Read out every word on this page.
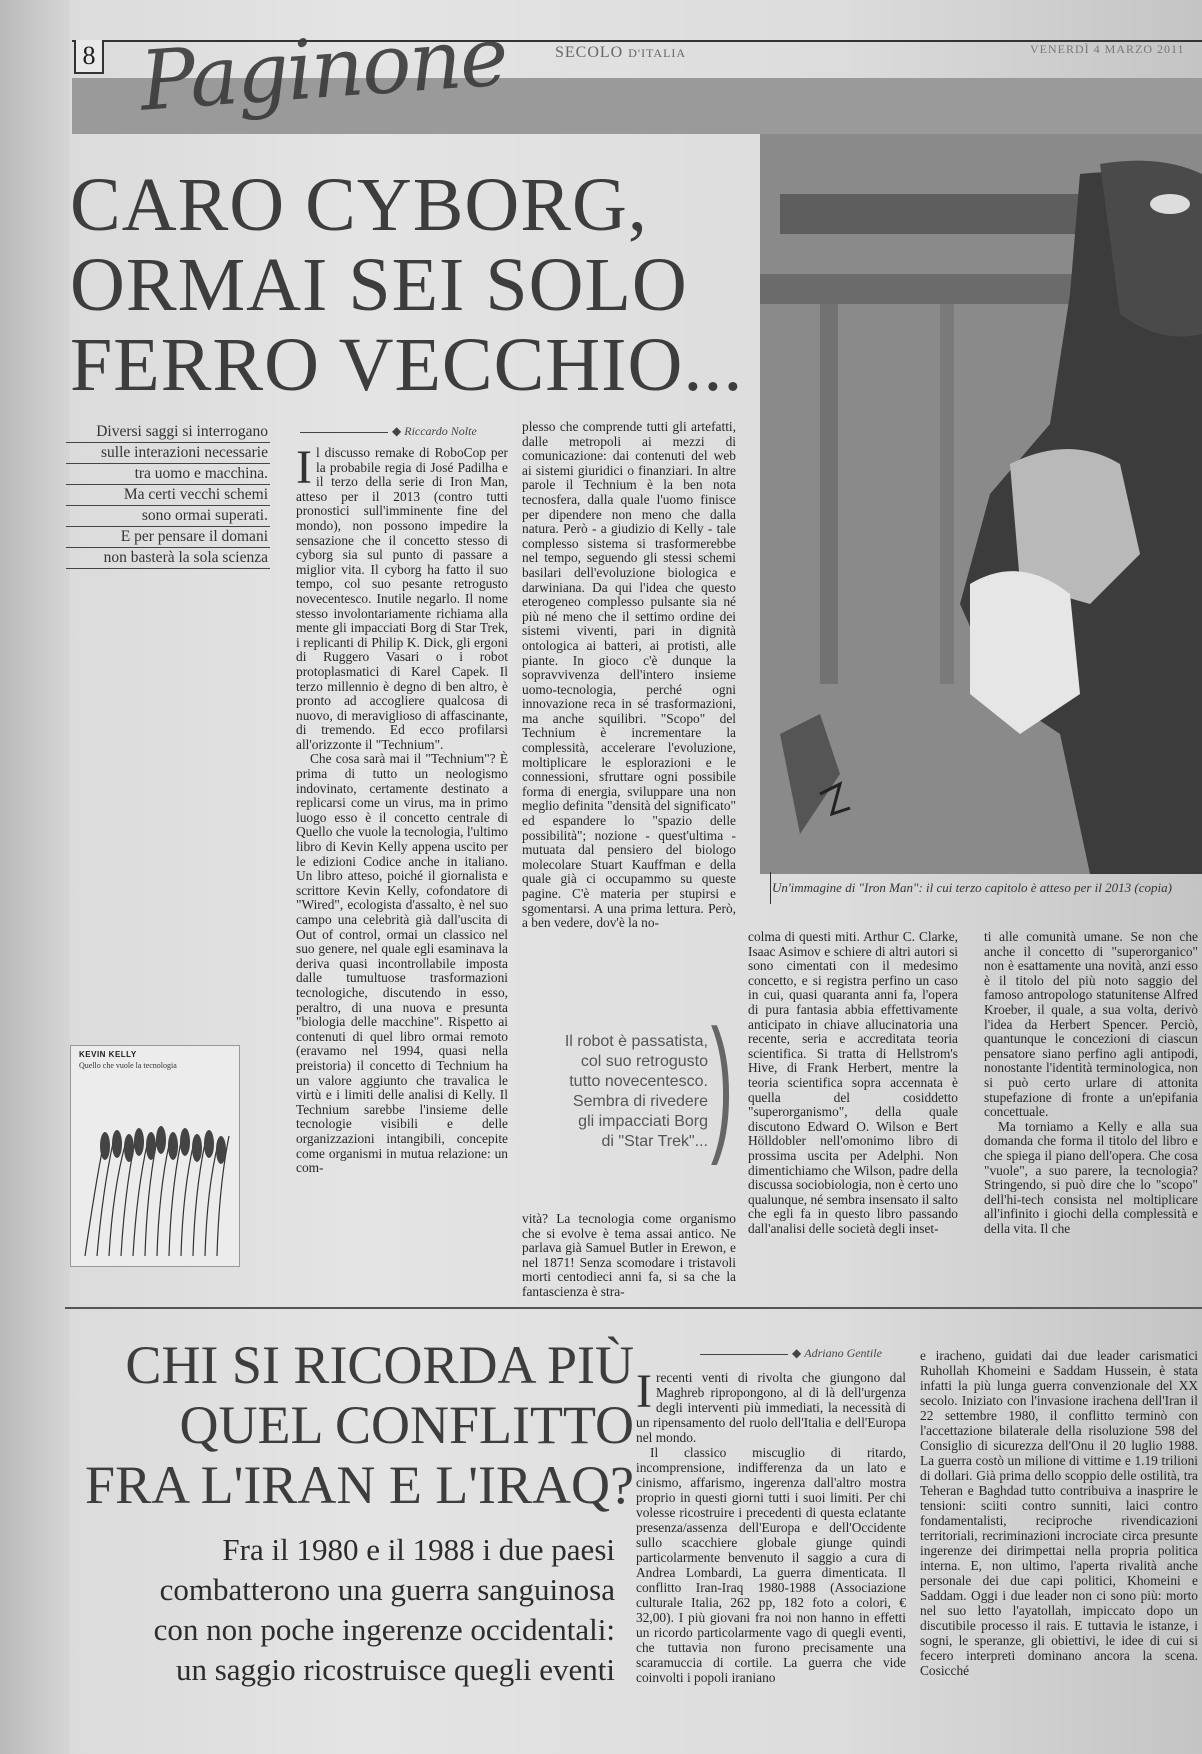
8	SECOLO D'ITALIA	VENERDÌ 4 MARZO 2011
Paginone
Un'immagine di "Iron Man": il cui terzo capitolo è atteso per il 2013 (copia)
CARO CYBORG,
ORMAI SEI SOLO
FERRO VECCHIO...
Diversi saggi si interrogano
sulle interazioni necessarie
tra uomo e macchina.
Ma certi vecchi schemi
sono ormai superati.
E per pensare il domani
non basterà la sola scienza
◆ Riccardo Nolte

Il discusso remake di RoboCop per la probabile regia di José Padilha e il terzo della serie di Iron Man, atteso per il 2013 (contro tutti pronostici sull'imminente fine del mondo), non possono impedire la sensazione che il concetto stesso di cyborg sia sul punto di passare a miglior vita. Il cyborg ha fatto il suo tempo, col suo pesante retrogusto novecentesco. Inutile negarlo. Il nome stesso involontariamente richiama alla mente gli impacciati Borg di Star Trek, i replicanti di Philip K. Dick, gli ergoni di Ruggero Vasari o i robot protoplasmatici di Karel Capek. Il terzo millennio è degno di ben altro, è pronto ad accogliere qualcosa di nuovo, di meraviglioso di affascinante, di tremendo. Ed ecco profilarsi all'orizzonte il "Technium".

Che cosa sarà mai il "Technium"? È prima di tutto un neologismo indovinato, certamente destinato a replicarsi come un virus, ma in primo luogo esso è il concetto centrale di Quello che vuole la tecnologia, l'ultimo libro di Kevin Kelly appena uscito per le edizioni Codice anche in italiano. Un libro atteso, poiché il giornalista e scrittore Kevin Kelly, cofondatore di "Wired", ecologista d'assalto, è nel suo campo una celebrità già dall'uscita di Out of control, ormai un classico nel suo genere, nel quale egli esaminava la deriva quasi incontrollabile imposta dalle tumultuose trasformazioni tecnologiche, discutendo in esso, peraltro, di una nuova e presunta "biologia delle macchine". Rispetto ai contenuti di quel libro ormai remoto (eravamo nel 1994, quasi nella preistoria) il concetto di Technium ha un valore aggiunto che travalica le virtù e i limiti delle analisi di Kelly. Il Technium sarebbe l'insieme delle tecnologie visibili e delle organizzazioni intangibili, concepite come organismi in mutua relazione: un com-

plesso che comprende tutti gli artefatti, dalle metropoli ai mezzi di comunicazione: dai contenuti del web ai sistemi giuridici o finanziari. In altre parole il Technium è la ben nota tecnosfera, dalla quale l'uomo finisce per dipendere non meno che dalla natura. Però - a giudizio di Kelly - tale complesso sistema si trasformerebbe nel tempo, seguendo gli stessi schemi basilari dell'evoluzione biologica e darwiniana. Da qui l'idea che questo eterogeneo complesso pulsante sia né più né meno che il settimo ordine dei sistemi viventi, pari in dignità ontologica ai batteri, ai protisti, alle piante. In gioco c'è dunque la sopravvivenza dell'intero insieme uomo-tecnologia, perché ogni innovazione reca in sé trasformazioni, ma anche squilibri. "Scopo" del Technium è incrementare la complessità, accelerare l'evoluzione, moltiplicare le esplorazioni e le connessioni, sfruttare ogni possibile forma di energia, sviluppare una non meglio definita "densità del significato" ed espandere lo "spazio delle possibilità"; nozione - quest'ultima - mutuata dal pensiero del biologo molecolare Stuart Kauffman e della quale già ci occupammo su queste pagine. C'è materia per stupirsi e sgomentarsi. A una prima lettura. Però, a ben vedere, dov'è la no-

vità? La tecnologia come organismo che si evolve è tema assai antico. Ne parlava già Samuel Butler in Erewon, e nel 1871! Senza scomodare i tristavoli morti centodieci anni fa, si sa che la fantascienza è stra-

Il robot è passatista,
col suo retrogusto
tutto novecentesco.
Sembra di rivedere
gli impacciati Borg
di "Star Trek"... )

colma di questi miti. Arthur C. Clarke, Isaac Asimov e schiere di altri autori si sono cimentati con il medesimo concetto, e si registra perfino un caso in cui, quasi quaranta anni fa, l'opera di pura fantasia abbia effettivamente anticipato in chiave allucinatoria una recente, seria e accreditata teoria scientifica. Si tratta di Hellstrom's Hive, di Frank Herbert, mentre la teoria scientifica sopra accennata è quella del cosiddetto "superorganismo", della quale discutono Edward O. Wilson e Bert Hölldobler nell'omonimo libro di prossima uscita per Adelphi. Non dimentichiamo che Wilson, padre della discussa sociobiologia, non è certo uno qualunque, né sembra insensato il salto che egli fa in questo libro passando dall'analisi delle società degli inset-

ti alle comunità umane. Se non che anche il concetto di "superorganico" non è esattamente una novità, anzi esso è il titolo del più noto saggio del famoso antropologo statunitense Alfred Kroeber, il quale, a sua volta, derivò l'idea da Herbert Spencer. Perciò, quantunque le concezioni di ciascun pensatore siano perfino agli antipodi, nonostante l'identità terminologica, non si può certo urlare di attonita stupefazione di fronte a un'epifania concettuale.

Ma torniamo a Kelly e alla sua domanda che forma il titolo del libro e che spiega il piano dell'opera. Che cosa "vuole", a suo parere, la tecnologia? Stringendo, si può dire che lo "scopo" dell'hi-tech consista nel moltiplicare all'infinito i giochi della complessità e della vita. Il che

KEVIN KELLY
Quello che vuole la tecnologia
CHI SI RICORDA PIÙ
QUEL CONFLITTO
FRA L'IRAN E L'IRAQ?
Fra il 1980 e il 1988 i due paesi
combatterono una guerra sanguinosa
con non poche ingerenze occidentali:
un saggio ricostruisce quegli eventi
◆ Adriano Gentile

Irecenti venti di rivolta che giungono dal Maghreb ripropongono, al di là dell'urgenza degli interventi più immediati, la necessità di un ripensamento del ruolo dell'Italia e dell'Europa nel mondo.

Il classico miscuglio di ritardo, incomprensione, indifferenza da un lato e cinismo, affarismo, ingerenza dall'altro mostra proprio in questi giorni tutti i suoi limiti. Per chi volesse ricostruire i precedenti di questa eclatante presenza/assenza dell'Europa e dell'Occidente sullo scacchiere globale giunge quindi particolarmente benvenuto il saggio a cura di Andrea Lombardi, La guerra dimenticata. Il conflitto Iran-Iraq 1980-1988 (Associazione culturale Italia, 262 pp, 182 foto a colori, € 32,00). I più giovani fra noi non hanno in effetti un ricordo particolarmente vago di quegli eventi, che tuttavia non furono precisamente una scaramuccia di cortile. La guerra che vide coinvolti i popoli iraniano

e iracheno, guidati dai due leader carismatici Ruhollah Khomeini e Saddam Hussein, è stata infatti la più lunga guerra convenzionale del XX secolo. Iniziato con l'invasione irachena dell'Iran il 22 settembre 1980, il conflitto terminò con l'accettazione bilaterale della risoluzione 598 del Consiglio di sicurezza dell'Onu il 20 luglio 1988. La guerra costò un milione di vittime e 1.19 trilioni di dollari. Già prima dello scoppio delle ostilità, tra Teheran e Baghdad tutto contribuiva a inasprire le tensioni: sciiti contro sunniti, laici contro fondamentalisti, reciproche rivendicazioni territoriali, recriminazioni incrociate circa presunte ingerenze dei dirimpettai nella propria politica interna. E, non ultimo, l'aperta rivalità anche personale dei due capi politici, Khomeini e Saddam. Oggi i due leader non ci sono più: morto nel suo letto l'ayatollah, impiccato dopo un discutibile processo il rais. E tuttavia le istanze, i sogni, le speranze, gli obiettivi, le idee di cui si fecero interpreti dominano ancora la scena. Cosicché
